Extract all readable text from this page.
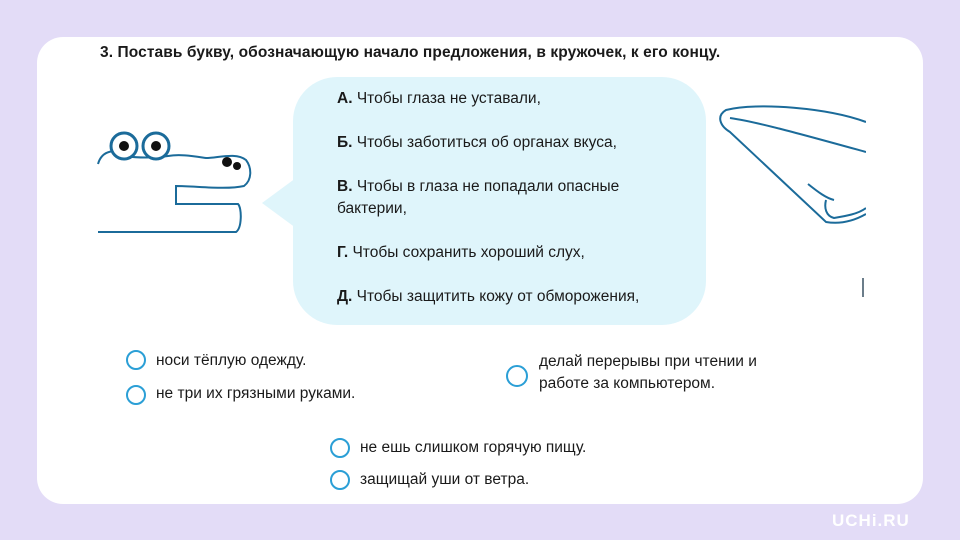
3. Поставь букву, обозначающую начало предложения, в кружочек, к его концу.
А. Чтобы глаза не уставали,
Б. Чтобы заботиться об органах вкуса,
В. Чтобы в глаза не попадали опасные бактерии,
Г. Чтобы сохранить хороший слух,
Д. Чтобы защитить кожу от обморожения,
носи тёплую одежду.
не три их грязными руками.
делай перерывы при чтении и работе за компьютером.
не ешь слишком горячую пищу.
защищай уши от ветра.
UCHi.RU
